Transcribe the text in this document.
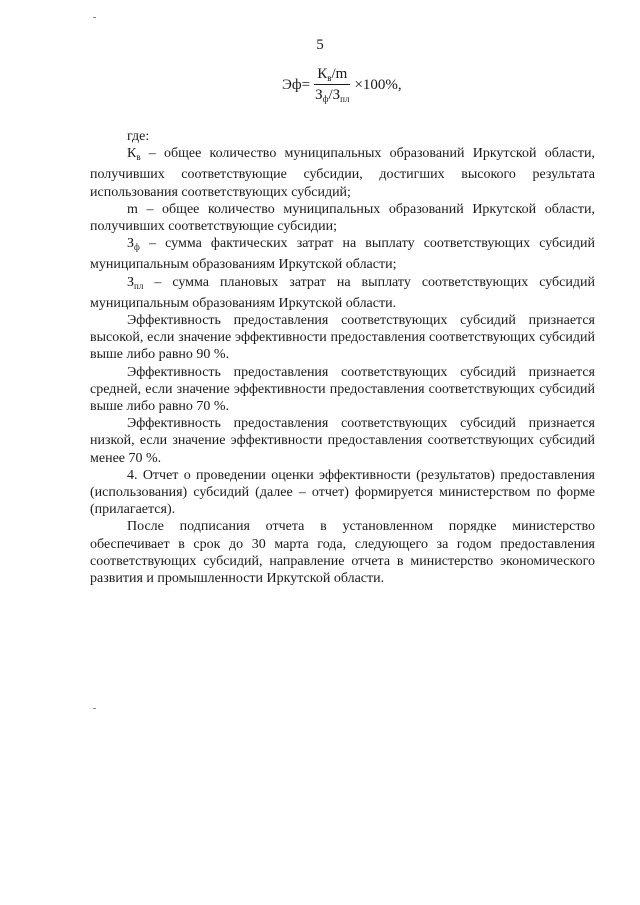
5
$Эф= \frac{К_в/m}{З_ф/З_{пл}} \times 100\%$,

где:

$К_в$ – общее количество муниципальных образований Иркутской области, получивших соответствующие субсидии, достигших высокого результата использования соответствующих субсидий;

m – общее количество муниципальных образований Иркутской области, получивших соответствующие субсидии;

$З_ф$ – сумма фактических затрат на выплату соответствующих субсидий муниципальным образованиям Иркутской области;

$З_{пл}$ – сумма плановых затрат на выплату соответствующих субсидий муниципальным образованиям Иркутской области.

Эффективность предоставления соответствующих субсидий признается высокой, если значение эффективности предоставления соответствующих субсидий выше либо равно 90 %.

Эффективность предоставления соответствующих субсидий признается средней, если значение эффективности предоставления соответствующих субсидий выше либо равно 70 %.

Эффективность предоставления соответствующих субсидий признается низкой, если значение эффективности предоставления соответствующих субсидий менее 70 %.

4. Отчет о проведении оценки эффективности (результатов) предоставления (использования) субсидий (далее – отчет) формируется министерством по форме (прилагается).

После подписания отчета в установленном порядке министерство обеспечивает в срок до 30 марта года, следующего за годом предоставления соответствующих субсидий, направление отчета в министерство экономического развития и промышленности Иркутской области.
